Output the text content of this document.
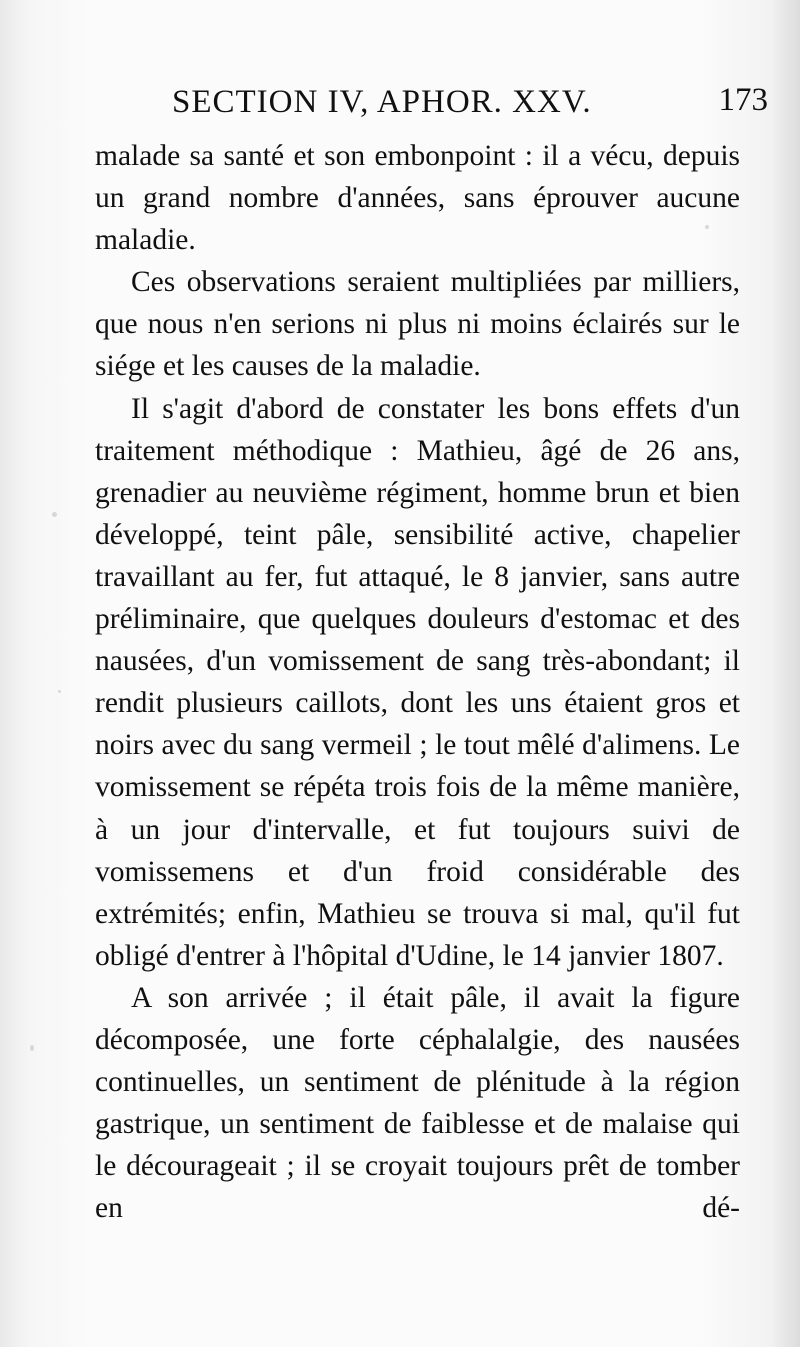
SECTION IV, APHOR. XXV.	173

malade sa santé et son embonpoint : il a vécu, depuis un grand nombre d'années, sans éprouver aucune maladie.

Ces observations seraient multipliées par milliers, que nous n'en serions ni plus ni moins éclairés sur le siége et les causes de la maladie.

Il s'agit d'abord de constater les bons effets d'un traitement méthodique : Mathieu, âgé de 26 ans, grenadier au neuvième régiment, homme brun et bien développé, teint pâle, sensibilité active, chapelier travaillant au fer, fut attaqué, le 8 janvier, sans autre préliminaire, que quelques douleurs d'estomac et des nausées, d'un vomissement de sang très-abondant; il rendit plusieurs caillots, dont les uns étaient gros et noirs avec du sang vermeil ; le tout mêlé d'alimens. Le vomissement se répéta trois fois de la même manière, à un jour d'intervalle, et fut toujours suivi de vomissemens et d'un froid considérable des extrémités; enfin, Mathieu se trouva si mal, qu'il fut obligé d'entrer à l'hôpital d'Udine, le 14 janvier 1807.

A son arrivée ; il était pâle, il avait la figure décomposée, une forte céphalalgie, des nausées continuelles, un sentiment de plénitude à la région gastrique, un sentiment de faiblesse et de malaise qui le décourageait ; il se croyait toujours prêt de tomber en dé-
